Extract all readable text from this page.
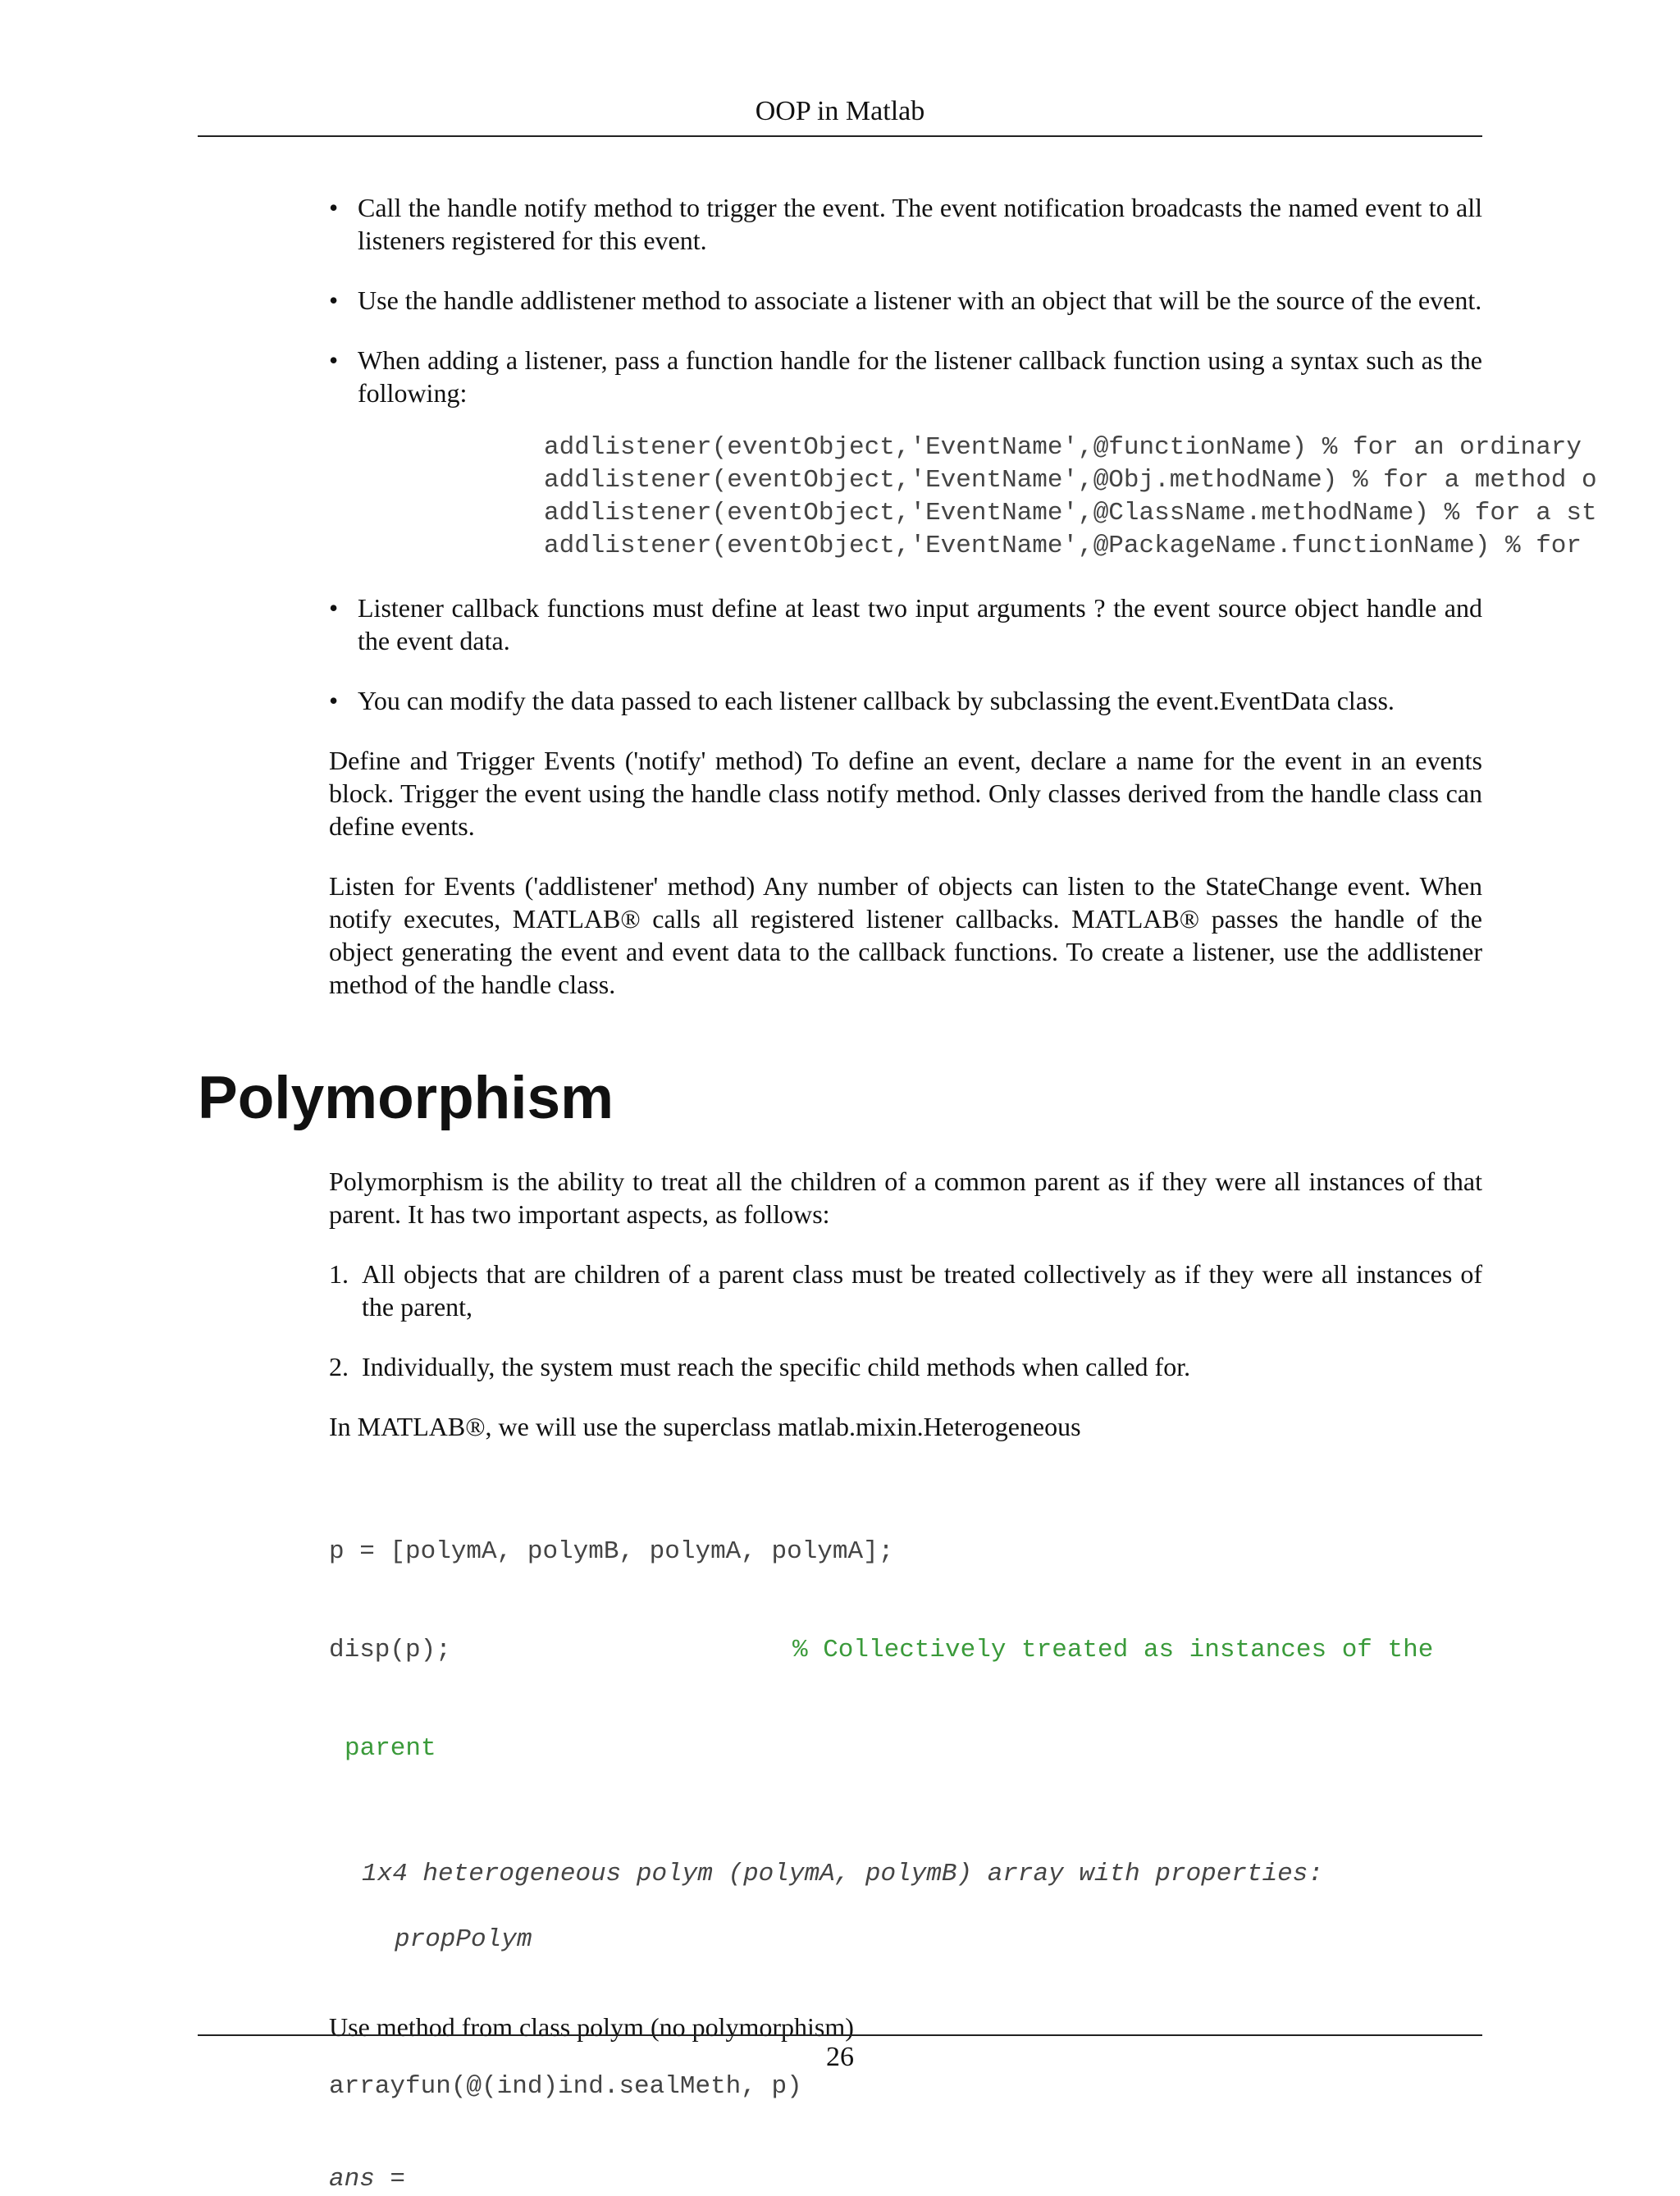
OOP in Matlab
• Call the handle notify method to trigger the event. The event notification broadcasts the named event to all listeners registered for this event.
• Use the handle addlistener method to associate a listener with an object that will be the source of the event.
• When adding a listener, pass a function handle for the listener callback function using a syntax such as the following:
addlistener(eventObject,'EventName',@functionName) % for an ordinary
addlistener(eventObject,'EventName',@Obj.methodName) % for a method o
addlistener(eventObject,'EventName',@ClassName.methodName) % for a st
addlistener(eventObject,'EventName',@PackageName.functionName) % for
• Listener callback functions must define at least two input arguments ? the event source object handle and the event data.
• You can modify the data passed to each listener callback by subclassing the event.EventData class.

Define and Trigger Events ('notify' method) To define an event, declare a name for the event in an events block. Trigger the event using the handle class notify method. Only classes derived from the handle class can define events.

Listen for Events ('addlistener' method) Any number of objects can listen to the StateChange event. When notify executes, MATLAB® calls all registered listener callbacks. MATLAB® passes the handle of the object generating the event and event data to the callback functions. To create a listener, use the addlistener method of the handle class.

Polymorphism

Polymorphism is the ability to treat all the children of a common parent as if they were all instances of that parent. It has two important aspects, as follows:

1. All objects that are children of a parent class must be treated collectively as if they were all instances of the parent,
2. Individually, the system must reach the specific child methods when called for.

In MATLAB®, we will use the superclass matlab.mixin.Heterogeneous

p = [polymA, polymB, polymA, polymA];

disp(p);	% Collectively treated as instances of the

parent

1x4 heterogeneous polym (polymA, polymB) array with properties:
propPolym

Use method from class polym (no polymorphism)

arrayfun(@(ind)ind.sealMeth, p)
ans =
26
